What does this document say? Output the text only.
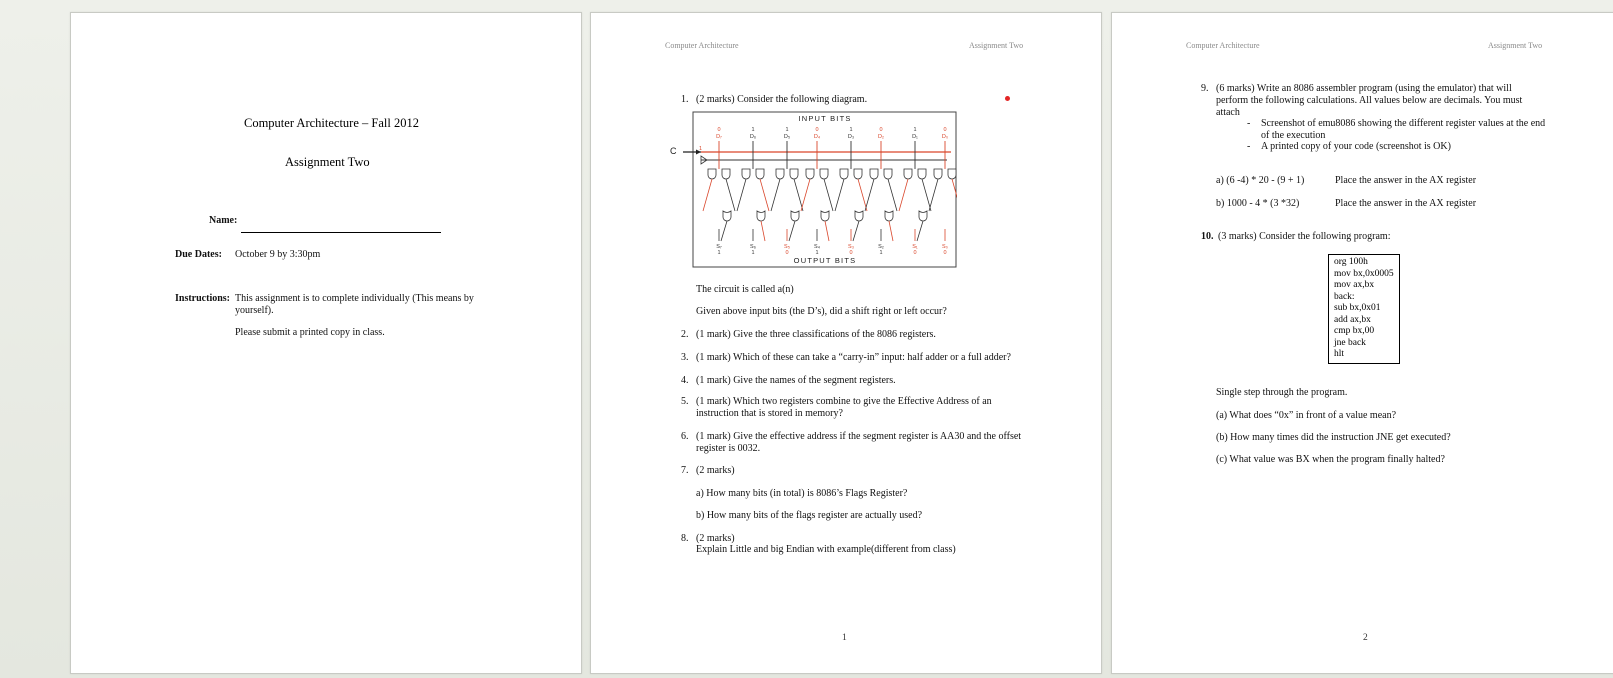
Computer Architecture – Fall 2012
Assignment Two
Name:
Due Dates: October 9 by 3:30pm
Instructions: This assignment is to complete individually (This means by
yourself).
Please submit a printed copy in class.
Computer Architecture	Assignment Two
1. (2 marks) Consider the following diagram.
INPUT BITS
OUTPUT BITS
C	1
0
D₇
1
D₆
1
D₅
0
D₄
1
D₃
0
D₂
1
D₁
0
D₀
S₇
1
S₆
1
S₅
0
S₄
1
S₃
0
S₂
1
S₁
0
S₀
0
The circuit is called a(n)
Given above input bits (the D’s), did a shift right or left occur?
2. (1 mark) Give the three classifications of the 8086 registers.
3. (1 mark) Which of these can take a “carry-in” input: half adder or a full adder?
4. (1 mark) Give the names of the segment registers.
5. (1 mark) Which two registers combine to give the Effective Address of an
instruction that is stored in memory?
6. (1 mark) Give the effective address if the segment register is AA30 and the offset
register is 0032.
7. (2 marks)
a) How many bits (in total) is 8086’s Flags Register?
b) How many bits of the flags register are actually used?
8. (2 marks)
Explain Little and big Endian with example(different from class)
1
Computer Architecture	Assignment Two
9. (6 marks) Write an 8086 assembler program (using the emulator) that will
perform the following calculations. All values below are decimals. You must
attach
- Screenshot of emu8086 showing the different register values at the end
of the execution
- A printed copy of your code (screenshot is OK)
a) (6 -4) * 20 - (9 + 1)	Place the answer in the AX register
b) 1000 - 4 * (3 *32)	Place the answer in the AX register
10. (3 marks) Consider the following program:
org 100h
mov bx,0x0005
mov ax,bx
back:
sub bx,0x01
add ax,bx
cmp bx,00
jne back
hlt
Single step through the program.
(a) What does “0x” in front of a value mean?
(b) How many times did the instruction JNE get executed?
(c) What value was BX when the program finally halted?
2
